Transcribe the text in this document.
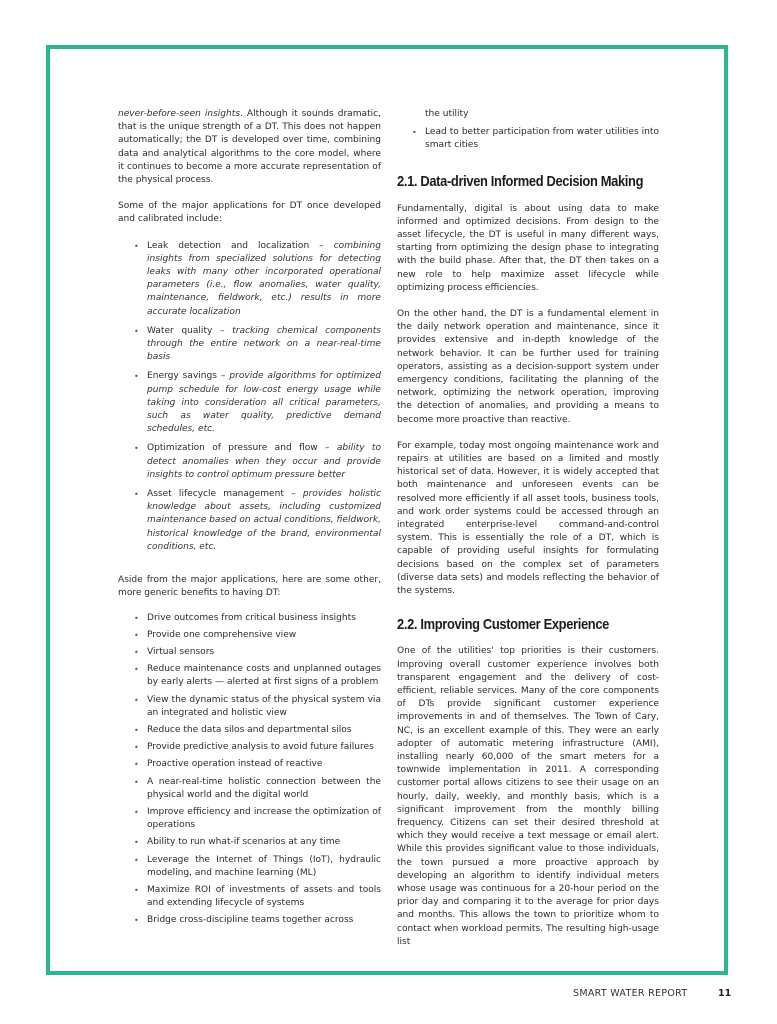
never-before-seen insights. Although it sounds dramatic, that is the unique strength of a DT. This does not happen automatically; the DT is developed over time, combining data and analytical algorithms to the core model, where it continues to become a more accurate representation of the physical process.

Some of the major applications for DT once developed and calibrated include:

• Leak detection and localization – combining insights from specialized solutions for detecting leaks with many other incorporated operational parameters (i.e., flow anomalies, water quality, maintenance, fieldwork, etc.) results in more accurate localization
• Water quality – tracking chemical components through the entire network on a near-real-time basis
• Energy savings – provide algorithms for optimized pump schedule for low-cost energy usage while taking into consideration all critical parameters, such as water quality, predictive demand schedules, etc.
• Optimization of pressure and flow – ability to detect anomalies when they occur and provide insights to control optimum pressure better
• Asset lifecycle management – provides holistic knowledge about assets, including customized maintenance based on actual conditions, fieldwork, historical knowledge of the brand, environmental conditions, etc.

Aside from the major applications, here are some other, more generic benefits to having DT:

• Drive outcomes from critical business insights
• Provide one comprehensive view
• Virtual sensors
• Reduce maintenance costs and unplanned outages by early alerts — alerted at first signs of a problem
• View the dynamic status of the physical system via an integrated and holistic view
• Reduce the data silos and departmental silos
• Provide predictive analysis to avoid future failures
• Proactive operation instead of reactive
• A near-real-time holistic connection between the physical world and the digital world
• Improve efficiency and increase the optimization of operations
• Ability to run what-if scenarios at any time
• Leverage the Internet of Things (IoT), hydraulic modeling, and machine learning (ML)
• Maximize ROI of investments of assets and tools and extending lifecycle of systems
• Bridge cross-discipline teams together across

the utility

• Lead to better participation from water utilities into smart cities
2.1. Data-driven Informed Decision Making

Fundamentally, digital is about using data to make informed and optimized decisions. From design to the asset lifecycle, the DT is useful in many different ways, starting from optimizing the design phase to integrating with the build phase. After that, the DT then takes on a new role to help maximize asset lifecycle while optimizing process efficiencies.

On the other hand, the DT is a fundamental element in the daily network operation and maintenance, since it provides extensive and in-depth knowledge of the network behavior. It can be further used for training operators, assisting as a decision-support system under emergency conditions, facilitating the planning of the network, optimizing the network operation, improving the detection of anomalies, and providing a means to become more proactive than reactive.

For example, today most ongoing maintenance work and repairs at utilities are based on a limited and mostly historical set of data. However, it is widely accepted that both maintenance and unforeseen events can be resolved more efficiently if all asset tools, business tools, and work order systems could be accessed through an integrated enterprise-level command-and-control system. This is essentially the role of a DT, which is capable of providing useful insights for formulating decisions based on the complex set of parameters (diverse data sets) and models reflecting the behavior of the systems.

2.2. Improving Customer Experience

One of the utilities' top priorities is their customers. Improving overall customer experience involves both transparent engagement and the delivery of cost-efficient, reliable services. Many of the core components of DTs provide significant customer experience improvements in and of themselves. The Town of Cary, NC, is an excellent example of this. They were an early adopter of automatic metering infrastructure (AMI), installing nearly 60,000 of the smart meters for a townwide implementation in 2011. A corresponding customer portal allows citizens to see their usage on an hourly, daily, weekly, and monthly basis, which is a significant improvement from the monthly billing frequency. Citizens can set their desired threshold at which they would receive a text message or email alert. While this provides significant value to those individuals, the town pursued a more proactive approach by developing an algorithm to identify individual meters whose usage was continuous for a 20-hour period on the prior day and comparing it to the average for prior days and months. This allows the town to prioritize whom to contact when workload permits. The resulting high-usage list

SMART WATER REPORT	11
